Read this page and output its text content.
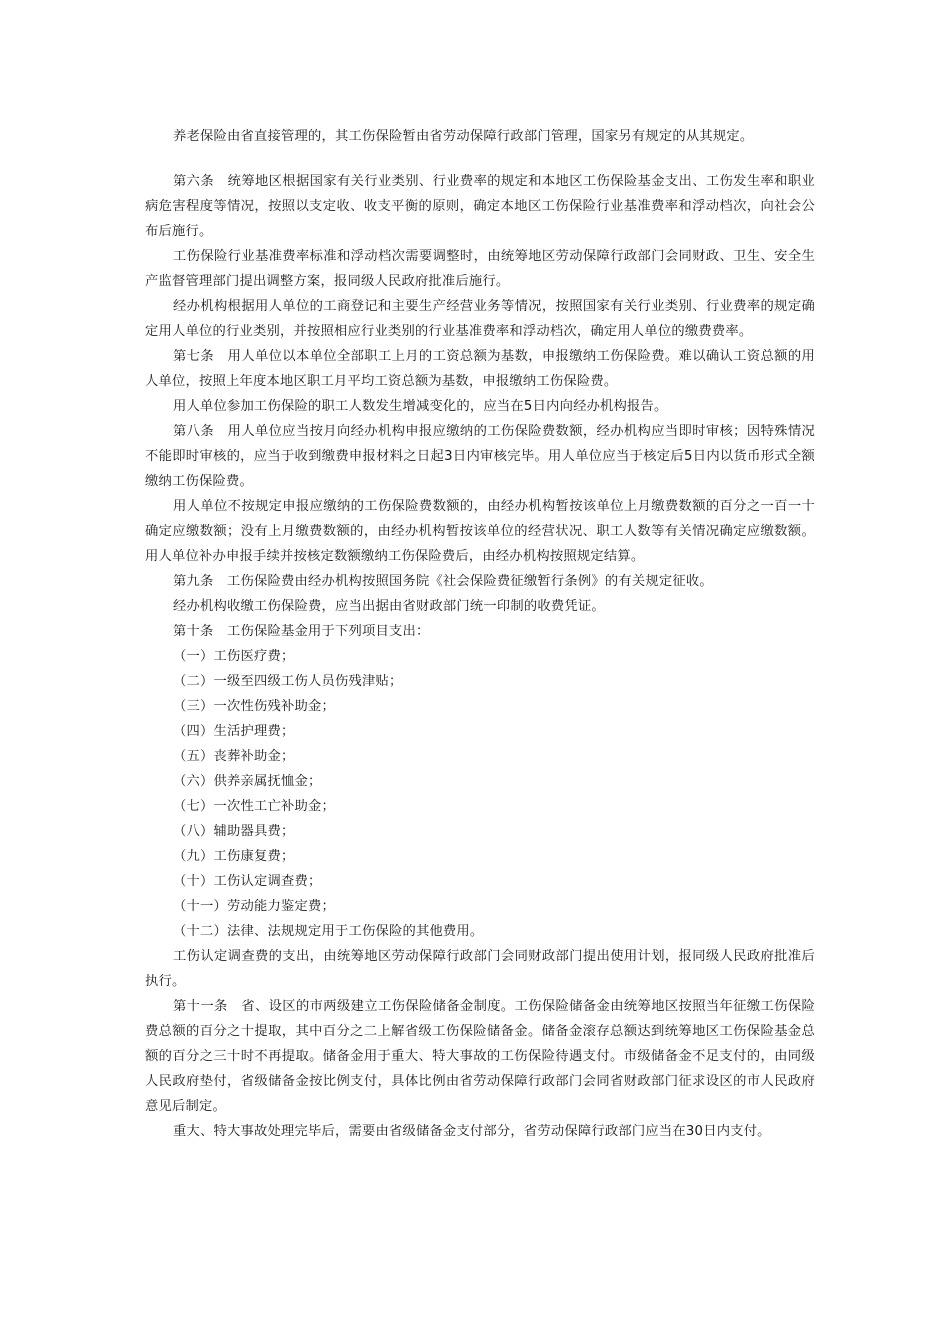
养老保险由省直接管理的，其工伤保险暂由省劳动保障行政部门管理，国家另有规定的从其规定。

第六条　统筹地区根据国家有关行业类别、行业费率的规定和本地区工伤保险基金支出、工伤发生率和职业病危害程度等情况，按照以支定收、收支平衡的原则，确定本地区工伤保险行业基准费率和浮动档次，向社会公布后施行。

工伤保险行业基准费率标准和浮动档次需要调整时，由统筹地区劳动保障行政部门会同财政、卫生、安全生产监督管理部门提出调整方案，报同级人民政府批准后施行。

经办机构根据用人单位的工商登记和主要生产经营业务等情况，按照国家有关行业类别、行业费率的规定确定用人单位的行业类别，并按照相应行业类别的行业基准费率和浮动档次，确定用人单位的缴费费率。

第七条　用人单位以本单位全部职工上月的工资总额为基数，申报缴纳工伤保险费。难以确认工资总额的用人单位，按照上年度本地区职工月平均工资总额为基数，申报缴纳工伤保险费。

用人单位参加工伤保险的职工人数发生增减变化的，应当在5日内向经办机构报告。

第八条　用人单位应当按月向经办机构申报应缴纳的工伤保险费数额，经办机构应当即时审核；因特殊情况不能即时审核的，应当于收到缴费申报材料之日起3日内审核完毕。用人单位应当于核定后5日内以货币形式全额缴纳工伤保险费。

用人单位不按规定申报应缴纳的工伤保险费数额的，由经办机构暂按该单位上月缴费数额的百分之一百一十确定应缴数额；没有上月缴费数额的，由经办机构暂按该单位的经营状况、职工人数等有关情况确定应缴数额。用人单位补办申报手续并按核定数额缴纳工伤保险费后，由经办机构按照规定结算。

第九条　工伤保险费由经办机构按照国务院《社会保险费征缴暂行条例》的有关规定征收。

经办机构收缴工伤保险费，应当出据由省财政部门统一印制的收费凭证。

第十条　工伤保险基金用于下列项目支出：

（一）工伤医疗费；

（二）一级至四级工伤人员伤残津贴；

（三）一次性伤残补助金；

（四）生活护理费；

（五）丧葬补助金；

（六）供养亲属抚恤金；

（七）一次性工亡补助金；

（八）辅助器具费；

（九）工伤康复费；

（十）工伤认定调查费；

（十一）劳动能力鉴定费；

（十二）法律、法规规定用于工伤保险的其他费用。

工伤认定调查费的支出，由统筹地区劳动保障行政部门会同财政部门提出使用计划，报同级人民政府批准后执行。

第十一条　省、设区的市两级建立工伤保险储备金制度。工伤保险储备金由统筹地区按照当年征缴工伤保险费总额的百分之十提取，其中百分之二上解省级工伤保险储备金。储备金滚存总额达到统筹地区工伤保险基金总额的百分之三十时不再提取。储备金用于重大、特大事故的工伤保险待遇支付。市级储备金不足支付的，由同级人民政府垫付，省级储备金按比例支付，具体比例由省劳动保障行政部门会同省财政部门征求设区的市人民政府意见后制定。

重大、特大事故处理完毕后，需要由省级储备金支付部分，省劳动保障行政部门应当在30日内支付。
